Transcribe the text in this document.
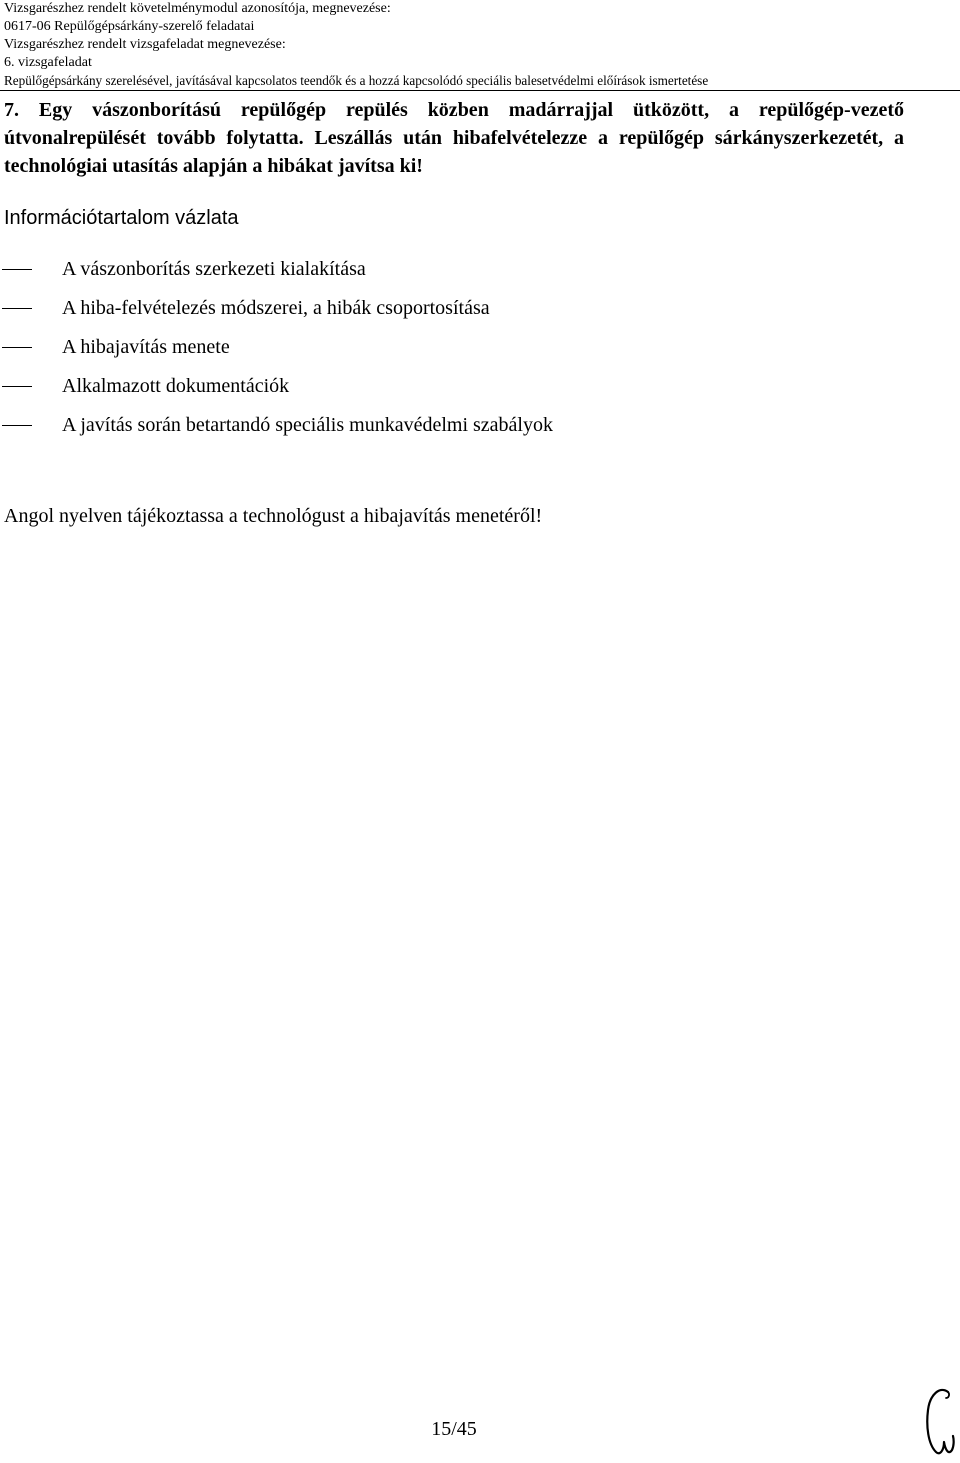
Vizsgarészhez rendelt követelménymodul azonosítója, megnevezése:
0617-06 Repülőgépsárkány-szerelő feladatai
Vizsgarészhez rendelt vizsgafeladat megnevezése:
6. vizsgafeladat
Repülőgépsárkány szerelésével, javításával kapcsolatos teendők és a hozzá kapcsolódó speciális balesetvédelmi előírások ismertetése
7. Egy vászonborítású repülőgép repülés közben madárrajjal ütközött, a repülőgép-vezető útvonalrepülését tovább folytatta. Leszállás után hibafelvételezze a repülőgép sárkányszerkezetét, a technológiai utasítás alapján a hibákat javítsa ki!
Információtartalom vázlata
A vászonborítás szerkezeti kialakítása
A hiba-felvételezés módszerei, a hibák csoportosítása
A hibajavítás menete
Alkalmazott dokumentációk
A javítás során betartandó speciális munkavédelmi szabályok
Angol nyelven tájékoztassa a technológust a hibajavítás menetéről!
15/45
